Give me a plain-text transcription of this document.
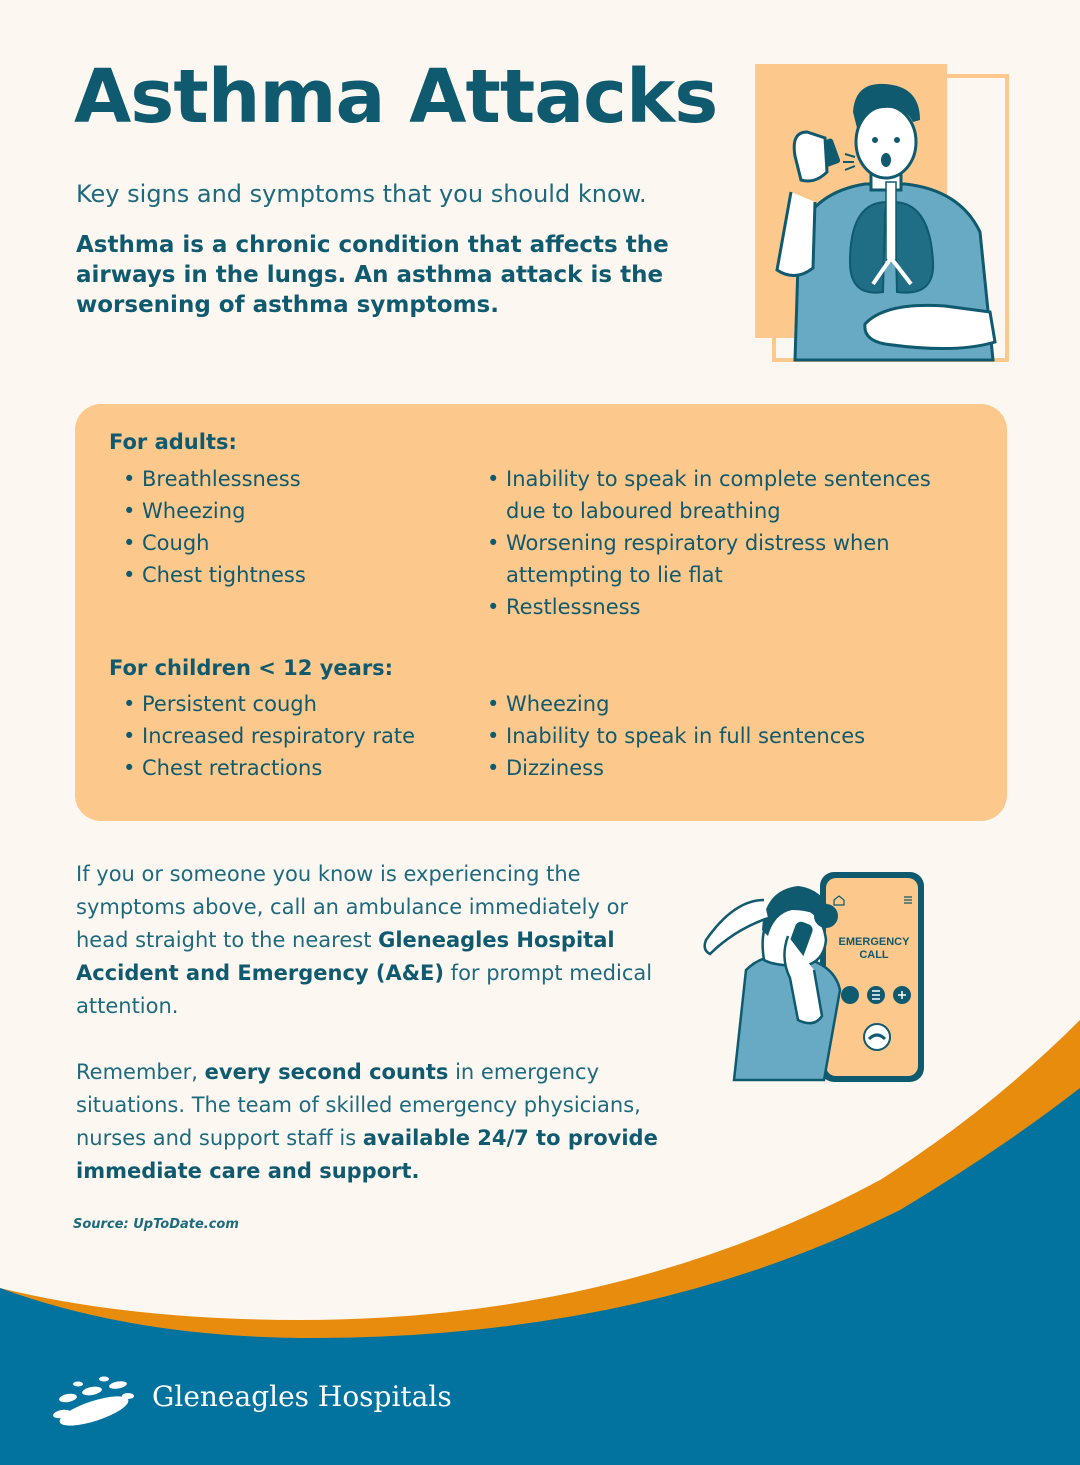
Asthma Attacks
Key signs and symptoms that you should know.
Asthma is a chronic condition that affects the airways in the lungs. An asthma attack is the worsening of asthma symptoms.
For adults:
• Breathlessness
• Wheezing
• Cough
• Chest tightness
• Inability to speak in complete sentences due to laboured breathing
• Worsening respiratory distress when attempting to lie flat
• Restlessness
For children < 12 years:
• Persistent cough
• Increased respiratory rate
• Chest retractions
• Wheezing
• Inability to speak in full sentences
• Dizziness
If you or someone you know is experiencing the symptoms above, call an ambulance immediately or head straight to the nearest Gleneagles Hospital Accident and Emergency (A&E) for prompt medical attention.
Remember, every second counts in emergency situations. The team of skilled emergency physicians, nurses and support staff is available 24/7 to provide immediate care and support.
EMERGENCY
CALL
Source: UpToDate.com
Gleneagles Hospitals
